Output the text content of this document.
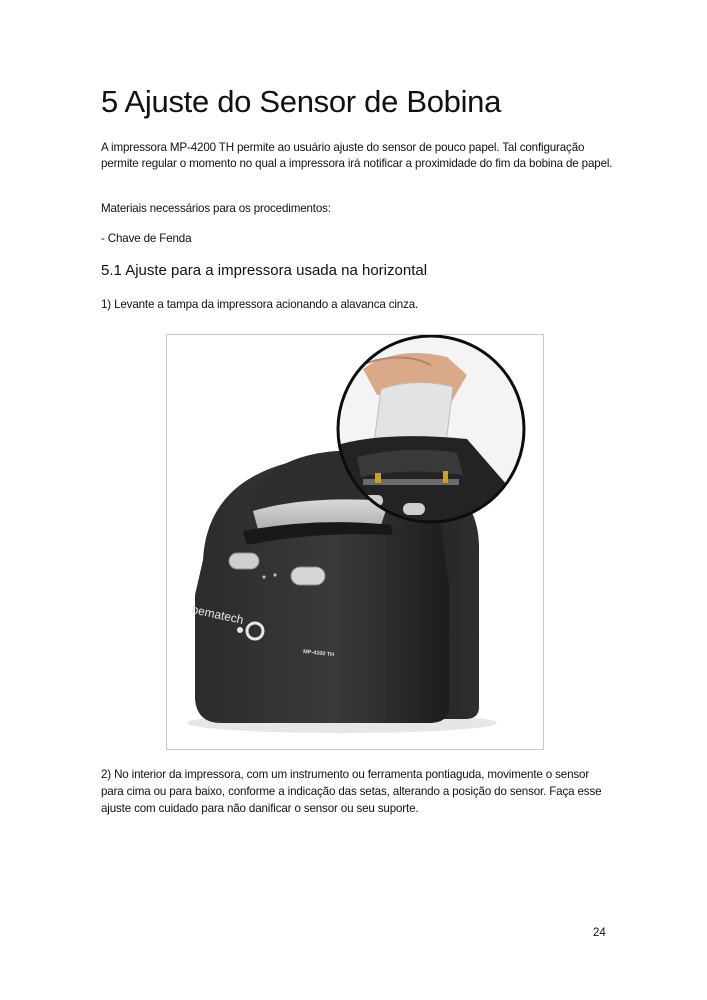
5 Ajuste do Sensor de Bobina

A impressora MP-4200 TH permite ao usuário ajuste do sensor de pouco papel. Tal configuração permite regular o momento no qual a impressora irá notificar a proximidade do fim da bobina de papel.

Materiais necessários para os procedimentos:

- Chave de Fenda

5.1 Ajuste para a impressora usada na horizontal

1) Levante a tampa da impressora acionando a alavanca cinza.

bematech
MP-4200 TH

2) No interior da impressora, com um instrumento ou ferramenta pontiaguda, movimente o sensor para cima ou para baixo, conforme a indicação das setas, alterando a posição do sensor. Faça esse ajuste com cuidado para não danificar o sensor ou seu suporte.

24
